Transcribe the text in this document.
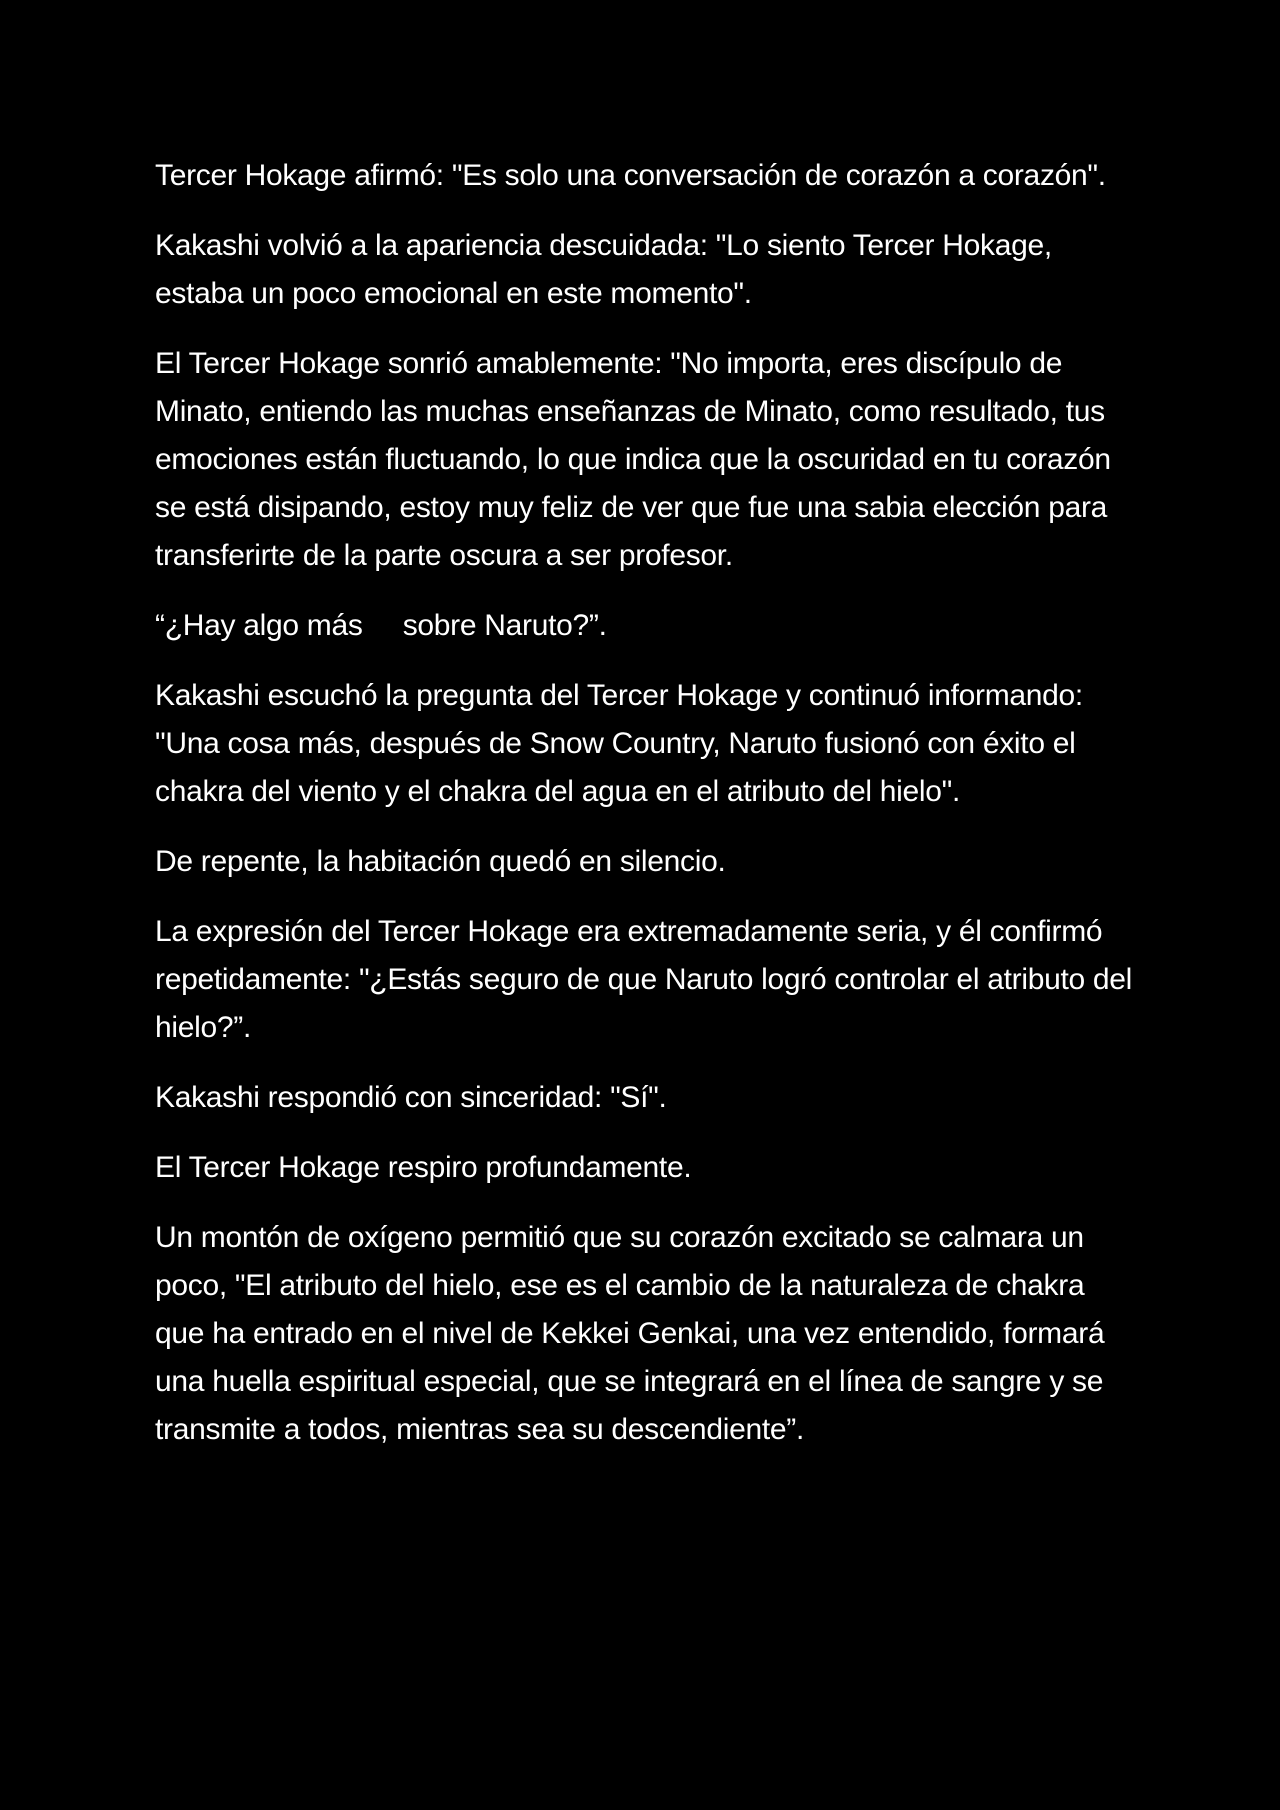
Tercer Hokage afirmó: "Es solo una conversación de corazón a corazón".

Kakashi volvió a la apariencia descuidada: "Lo siento Tercer Hokage, estaba un poco emocional en este momento".

El Tercer Hokage sonrió amablemente: "No importa, eres discípulo de Minato, entiendo las muchas enseñanzas de Minato, como resultado, tus emociones están fluctuando, lo que indica que la oscuridad en tu corazón se está disipando, estoy muy feliz de ver que fue una sabia elección para transferirte de la parte oscura a ser profesor.

“¿Hay algo más     sobre Naruto?”.

Kakashi escuchó la pregunta del Tercer Hokage y continuó informando: "Una cosa más, después de Snow Country, Naruto fusionó con éxito el chakra del viento y el chakra del agua en el atributo del hielo".

De repente, la habitación quedó en silencio.

La expresión del Tercer Hokage era extremadamente seria, y él confirmó repetidamente: "¿Estás seguro de que Naruto logró controlar el atributo del hielo?”.

Kakashi respondió con sinceridad: "Sí".

El Tercer Hokage respiro profundamente.

Un montón de oxígeno permitió que su corazón excitado se calmara un poco, "El atributo del hielo, ese es el cambio de la naturaleza de chakra que ha entrado en el nivel de Kekkei Genkai, una vez entendido, formará una huella espiritual especial, que se integrará en el línea de sangre y se transmite a todos, mientras sea su descendiente”.
